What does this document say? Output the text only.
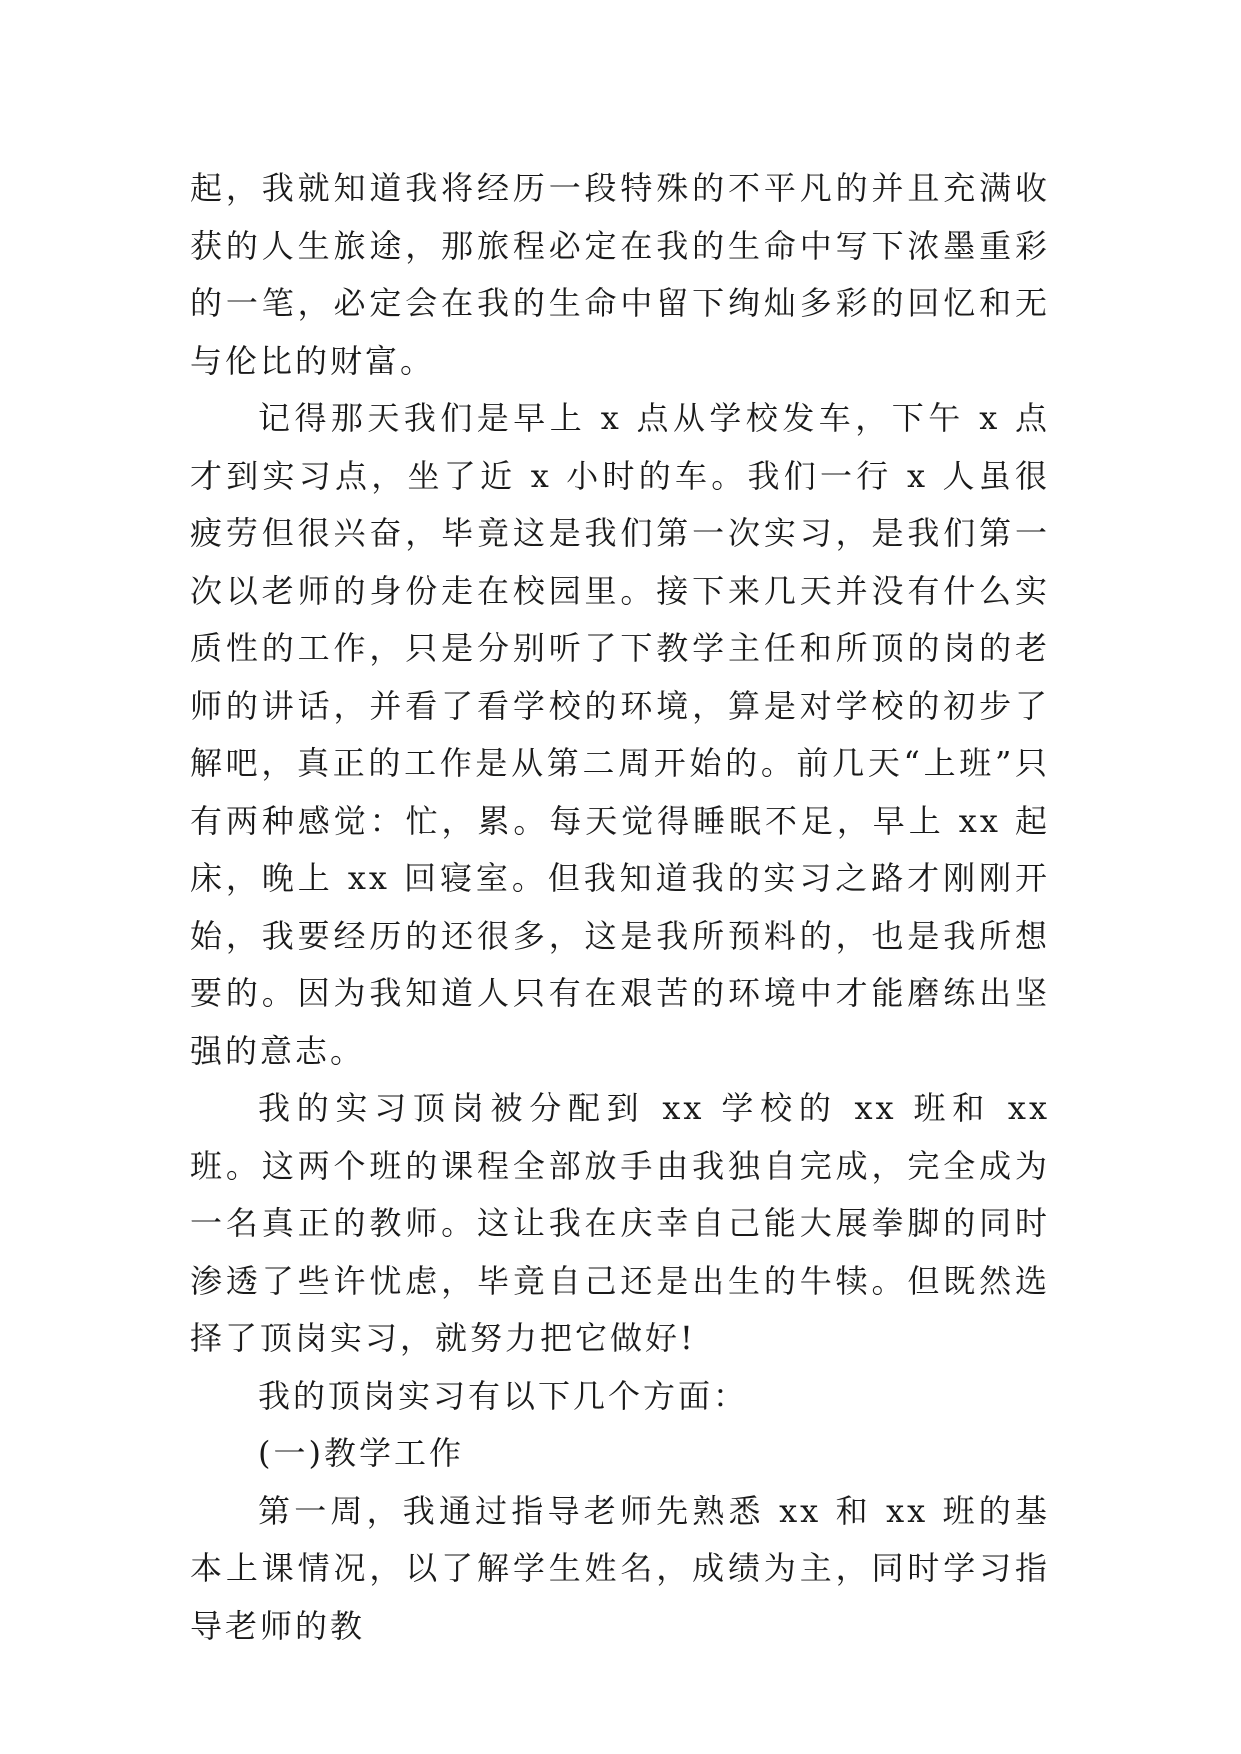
起，我就知道我将经历一段特殊的不平凡的并且充满收获的人生旅途，那旅程必定在我的生命中写下浓墨重彩的一笔，必定会在我的生命中留下绚灿多彩的回忆和无与伦比的财富。

记得那天我们是早上 x 点从学校发车，下午 x 点才到实习点，坐了近 x 小时的车。我们一行 x 人虽很疲劳但很兴奋，毕竟这是我们第一次实习，是我们第一次以老师的身份走在校园里。接下来几天并没有什么实质性的工作，只是分别听了下教学主任和所顶的岗的老师的讲话，并看了看学校的环境，算是对学校的初步了解吧，真正的工作是从第二周开始的。前几天“上班”只有两种感觉：忙，累。每天觉得睡眠不足，早上 xx 起床，晚上 xx 回寝室。但我知道我的实习之路才刚刚开始，我要经历的还很多，这是我所预料的，也是我所想要的。因为我知道人只有在艰苦的环境中才能磨练出坚强的意志。

我的实习顶岗被分配到 xx 学校的 xx 班和 xx 班。这两个班的课程全部放手由我独自完成，完全成为一名真正的教师。这让我在庆幸自己能大展拳脚的同时渗透了些许忧虑，毕竟自己还是出生的牛犊。但既然选择了顶岗实习，就努力把它做好!

我的顶岗实习有以下几个方面：

(一)教学工作

第一周，我通过指导老师先熟悉 xx 和 xx 班的基本上课情况，以了解学生姓名，成绩为主，同时学习指导老师的教
